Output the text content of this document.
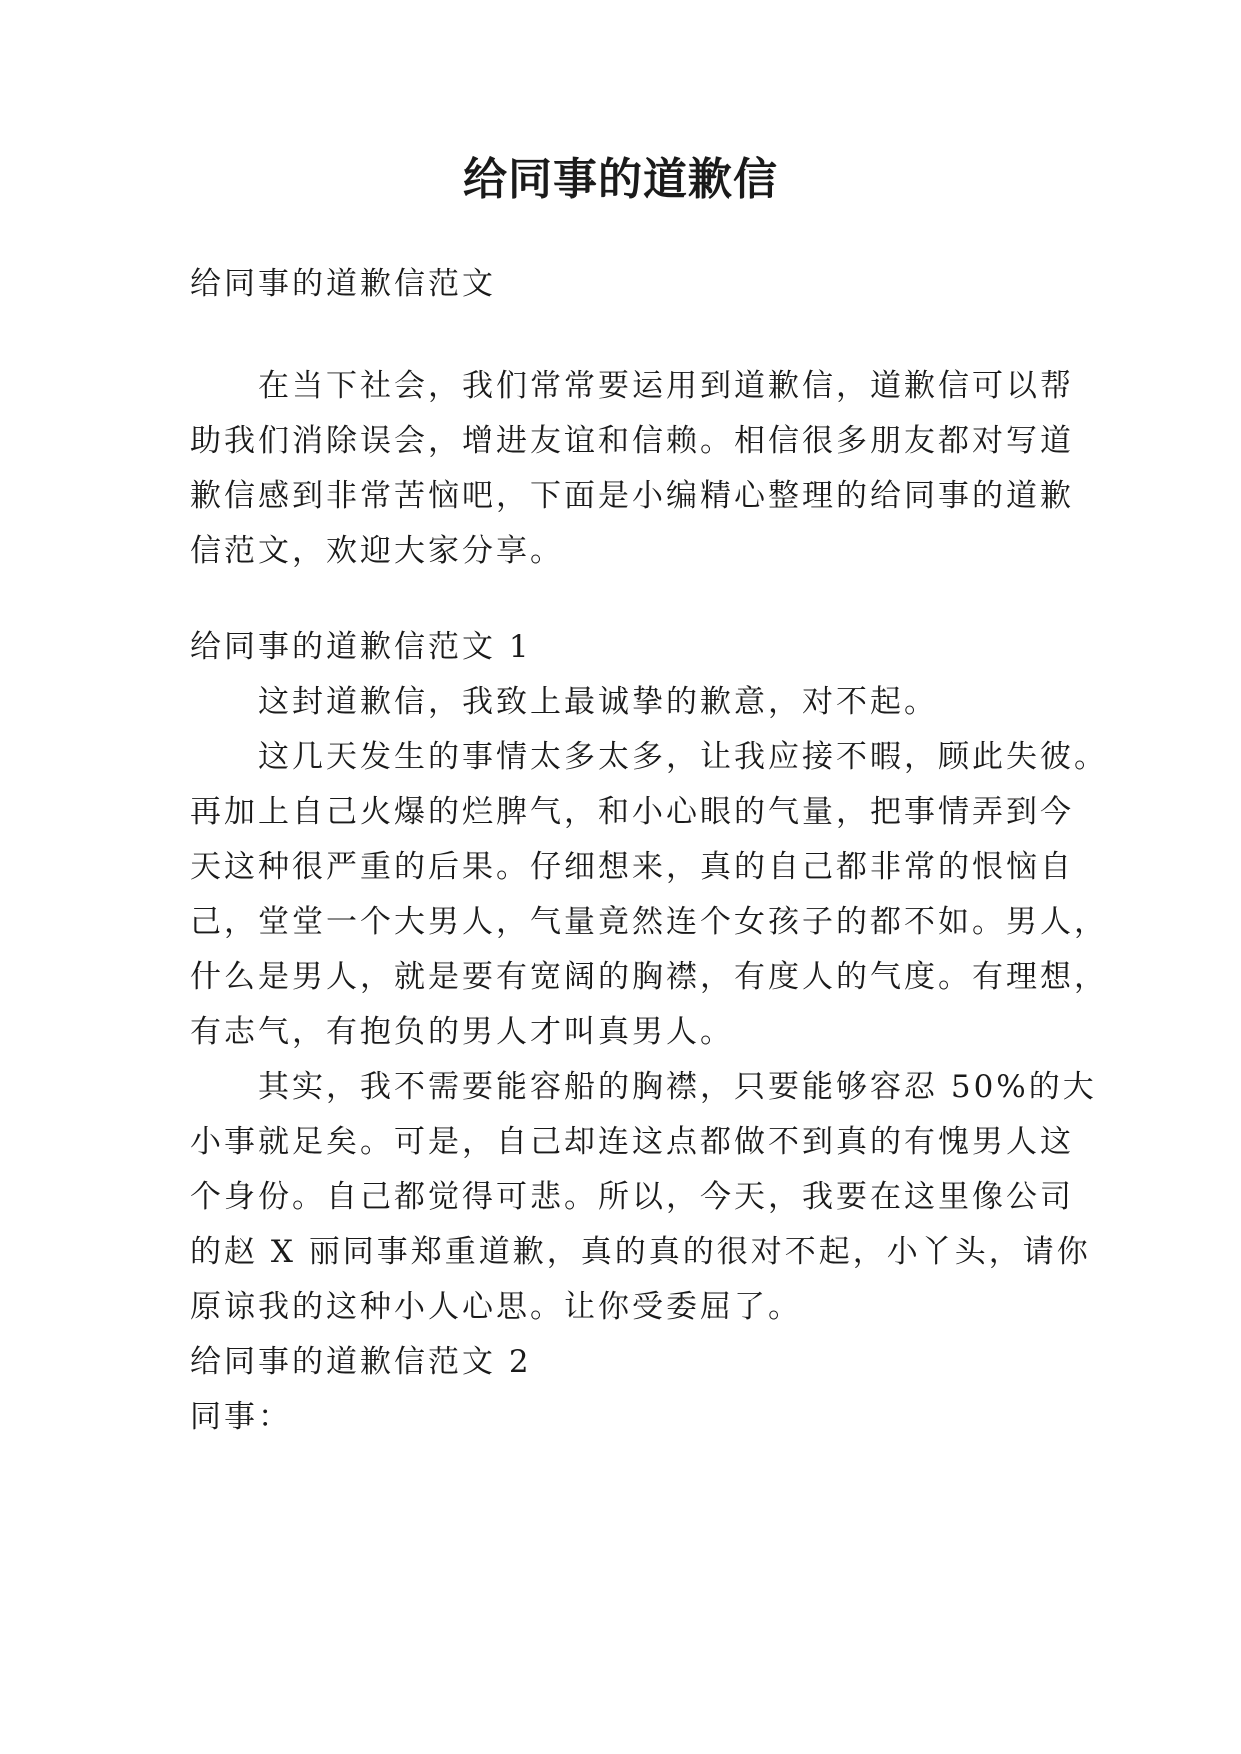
给同事的道歉信
给同事的道歉信范文
在当下社会，我们常常要运用到道歉信，道歉信可以帮
助我们消除误会，增进友谊和信赖。相信很多朋友都对写道
歉信感到非常苦恼吧，下面是小编精心整理的给同事的道歉
信范文，欢迎大家分享。
给同事的道歉信范文 1
这封道歉信，我致上最诚挚的歉意，对不起。
这几天发生的事情太多太多，让我应接不暇，顾此失彼。
再加上自己火爆的烂脾气，和小心眼的气量，把事情弄到今
天这种很严重的后果。仔细想来，真的自己都非常的恨恼自
己，堂堂一个大男人，气量竟然连个女孩子的都不如。男人，
什么是男人，就是要有宽阔的胸襟，有度人的气度。有理想，
有志气，有抱负的男人才叫真男人。
其实，我不需要能容船的胸襟，只要能够容忍 50%的大
小事就足矣。可是，自己却连这点都做不到真的有愧男人这
个身份。自己都觉得可悲。所以，今天，我要在这里像公司
的赵 X 丽同事郑重道歉，真的真的很对不起，小丫头，请你
原谅我的这种小人心思。让你受委屈了。
给同事的道歉信范文 2
同事：
